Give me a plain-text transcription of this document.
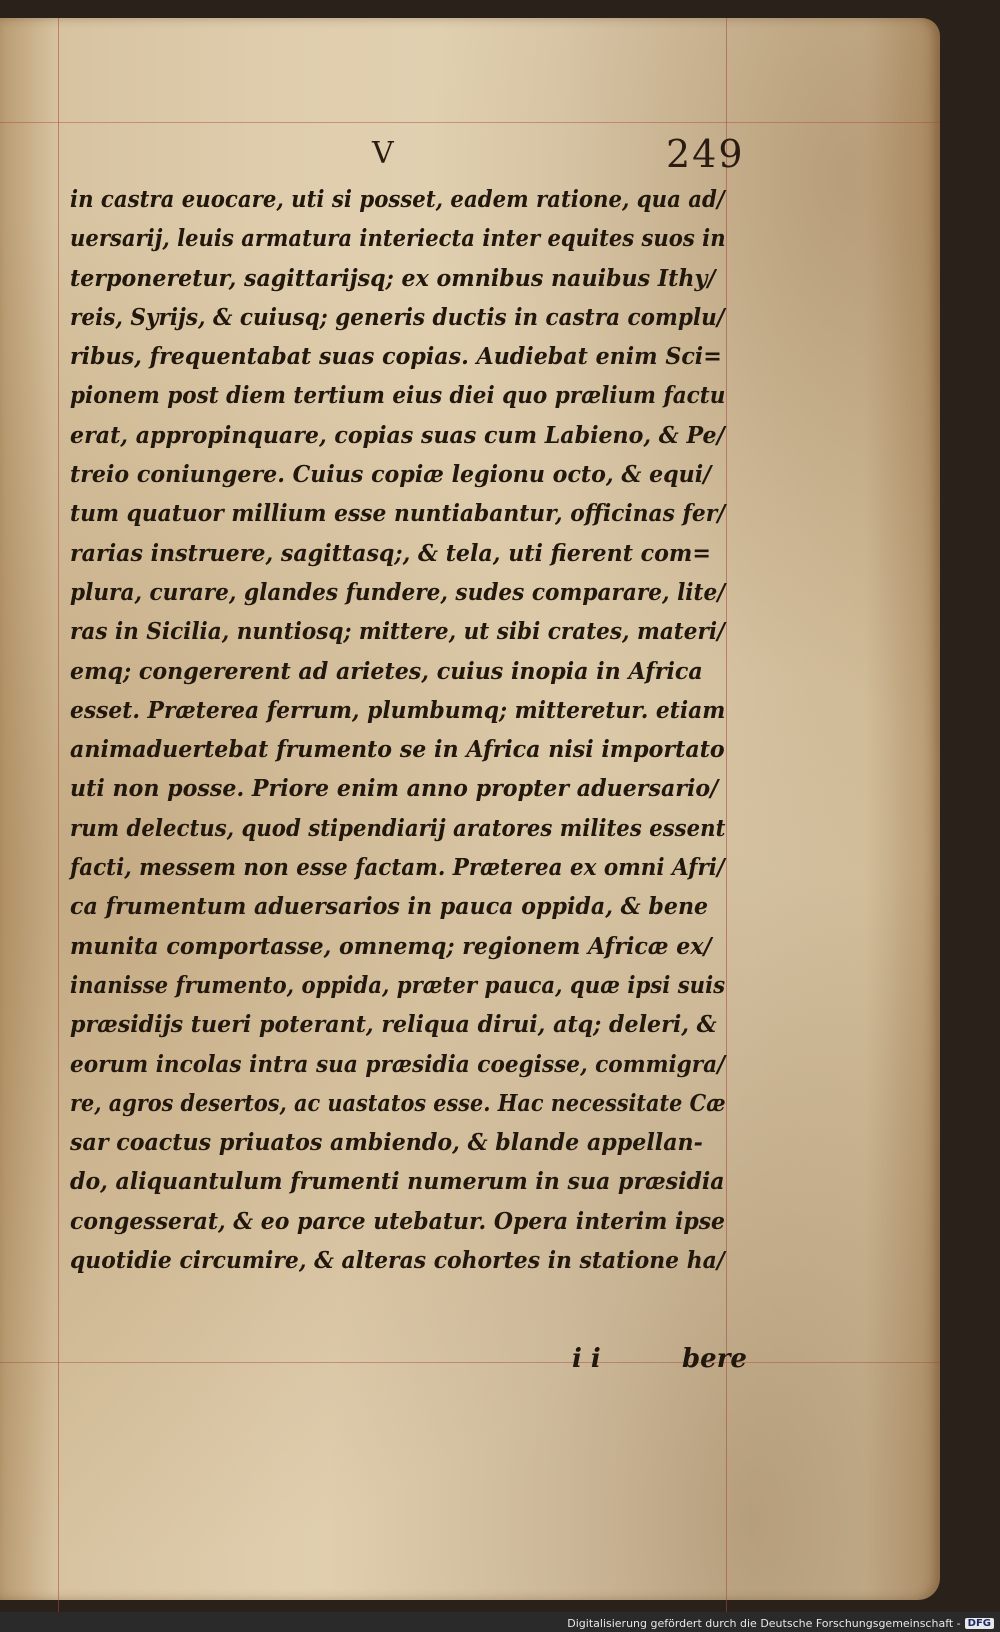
V	249
in castra euocare, uti si posset, eadem ratione, qua ad/
uersarij, leuis armatura interiecta inter equites suos in
terponeretur, sagittarijsq; ex omnibus nauibus Ithy/
reis, Syrijs, & cuiusq; generis ductis in castra complu/
ribus, frequentabat suas copias. Audiebat enim Sci=
pionem post diem tertium eius diei quo prælium factu
erat, appropinquare, copias suas cum Labieno, & Pe/
treio coniungere. Cuius copiæ legionu octo, & equi/
tum quatuor millium esse nuntiabantur, officinas fer/
rarias instruere, sagittasq;, & tela, uti fierent com=
plura, curare, glandes fundere, sudes comparare, lite/
ras in Sicilia, nuntiosq; mittere, ut sibi crates, materi/
emq; congererent ad arietes, cuius inopia in Africa
esset. Præterea ferrum, plumbumq; mitteretur. etiam
animaduertebat frumento se in Africa nisi importato
uti non posse. Priore enim anno propter aduersario/
rum delectus, quod stipendiarij aratores milites essent
facti, messem non esse factam. Præterea ex omni Afri/
ca frumentum aduersarios in pauca oppida, & bene
munita comportasse, omnemq; regionem Africæ ex/
inanisse frumento, oppida, præter pauca, quæ ipsi suis
præsidijs tueri poterant, reliqua dirui, atq; deleri, &
eorum incolas intra sua præsidia coegisse, commigra/
re, agros desertos, ac uastatos esse. Hac necessitate Cæ
sar coactus priuatos ambiendo, & blande appellan-
do, aliquantulum frumenti numerum in sua præsidia
congesserat, & eo parce utebatur. Opera interim ipse
quotidie circumire, & alteras cohortes in statione ha/
i i	bere
Digitalisierung gefördert durch die Deutsche Forschungsgemeinschaft - DFG
